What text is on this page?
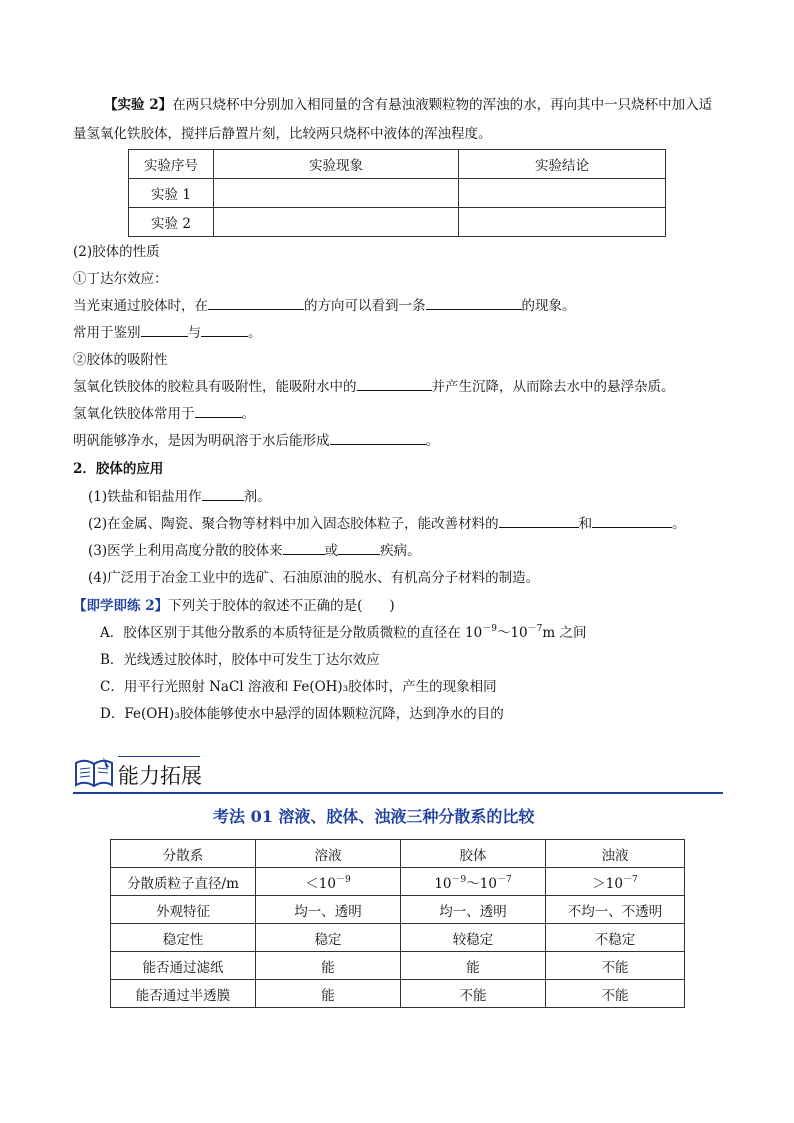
【实验 2】在两只烧杯中分别加入相同量的含有悬浊液颗粒物的浑浊的水，再向其中一只烧杯中加入适
量氢氧化铁胶体，搅拌后静置片刻，比较两只烧杯中液体的浑浊程度。
实验序号	实验现象	实验结论
实验 1		
实验 2		
(2)胶体的性质
①丁达尔效应：
当光束通过胶体时，在	的方向可以看到一条	的现象。
常用于鉴别	与	。
②胶体的吸附性
氢氧化铁胶体的胶粒具有吸附性，能吸附水中的	并产生沉降，从而除去水中的悬浮杂质。
氢氧化铁胶体常用于	。
明矾能够净水，是因为明矾溶于水后能形成	。
2．胶体的应用
(1)铁盐和铝盐用作	剂。
(2)在金属、陶瓷、聚合物等材料中加入固态胶体粒子，能改善材料的	和	。
(3)医学上利用高度分散的胶体来	或	疾病。
(4)广泛用于冶金工业中的选矿、石油原油的脱水、有机高分子材料的制造。
【即学即练 2】下列关于胶体的叙述不正确的是(　　)
A．胶体区别于其他分散系的本质特征是分散质微粒的直径在 $10^{-9}\sim 10^{-7}m$ 之间
B．光线透过胶体时，胶体中可发生丁达尔效应
C．用平行光照射 NaCl 溶液和 Fe(OH)₃胶体时，产生的现象相同
D．Fe(OH)₃胶体能够使水中悬浮的固体颗粒沉降，达到净水的目的
能力拓展
考法 01 溶液、胶体、浊液三种分散系的比较
分散系	溶液	胶体	浊液
分散质粒子直径/m	$<10^{-9}$	$10^{-9}\sim 10^{-7}$	$>10^{-7}$
外观特征	均一、透明	均一、透明	不均一、不透明
稳定性	稳定	较稳定	不稳定
能否通过滤纸	能	能	不能
能否通过半透膜	能	不能	不能
